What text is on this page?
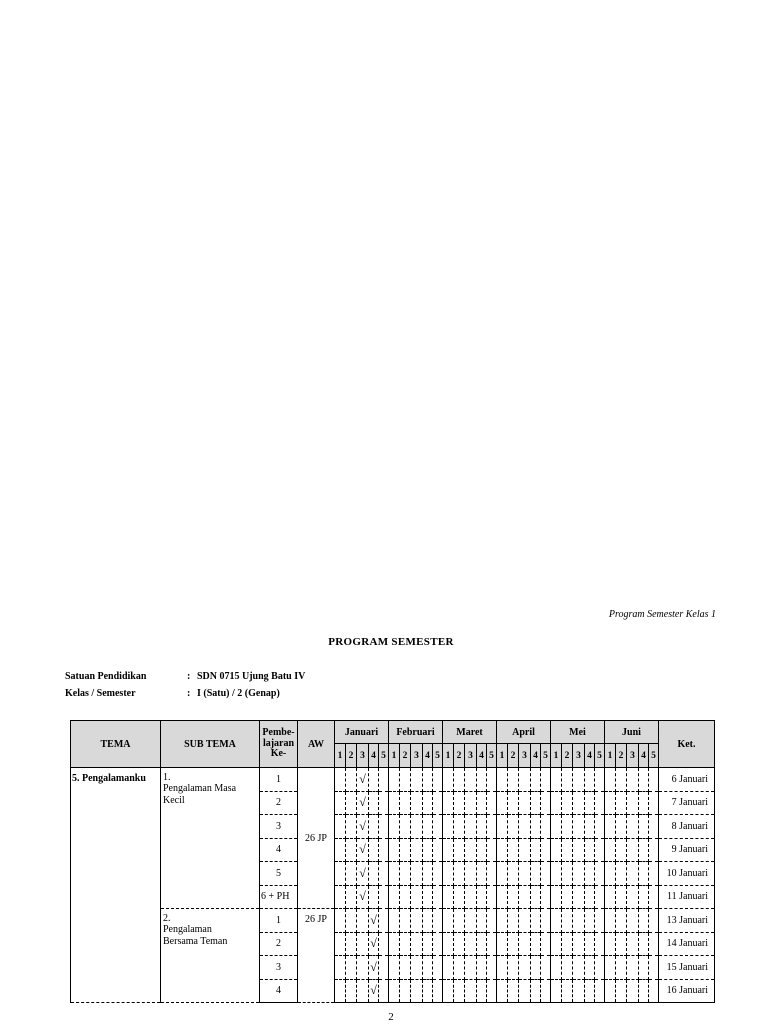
Program Semester Kelas 1
PROGRAM SEMESTER
Satuan Pendidikan	: SDN 0715 Ujung Batu IV
Kelas / Semester	: I (Satu) / 2 (Genap)
TEMA	SUB TEMA	Pembe-
lajaran
Ke-	AW	Januari					Februari					Maret					April					Mei					Juni					Ket.
				1	2	3	4	5	1	2	3	4	5	1	2	3	4	5	1	2	3	4	5	1	2	3	4	5	1	2	3	4	5	
5. Pengalamanku	1.Pengalaman Masa Kecil	1	26 JP			√																												6 Januari
		2				√																												7 Januari
		3				√																												8 Januari
		4				√																												9 Januari
		5				√																												10 Januari
		6 + PH				√																												11 Januari
	2.Pengalaman Bersama Teman	1	26 JP				√																											13 Januari
		2					√																											14 Januari
		3					√																											15 Januari
		4					√																											16 Januari
2
